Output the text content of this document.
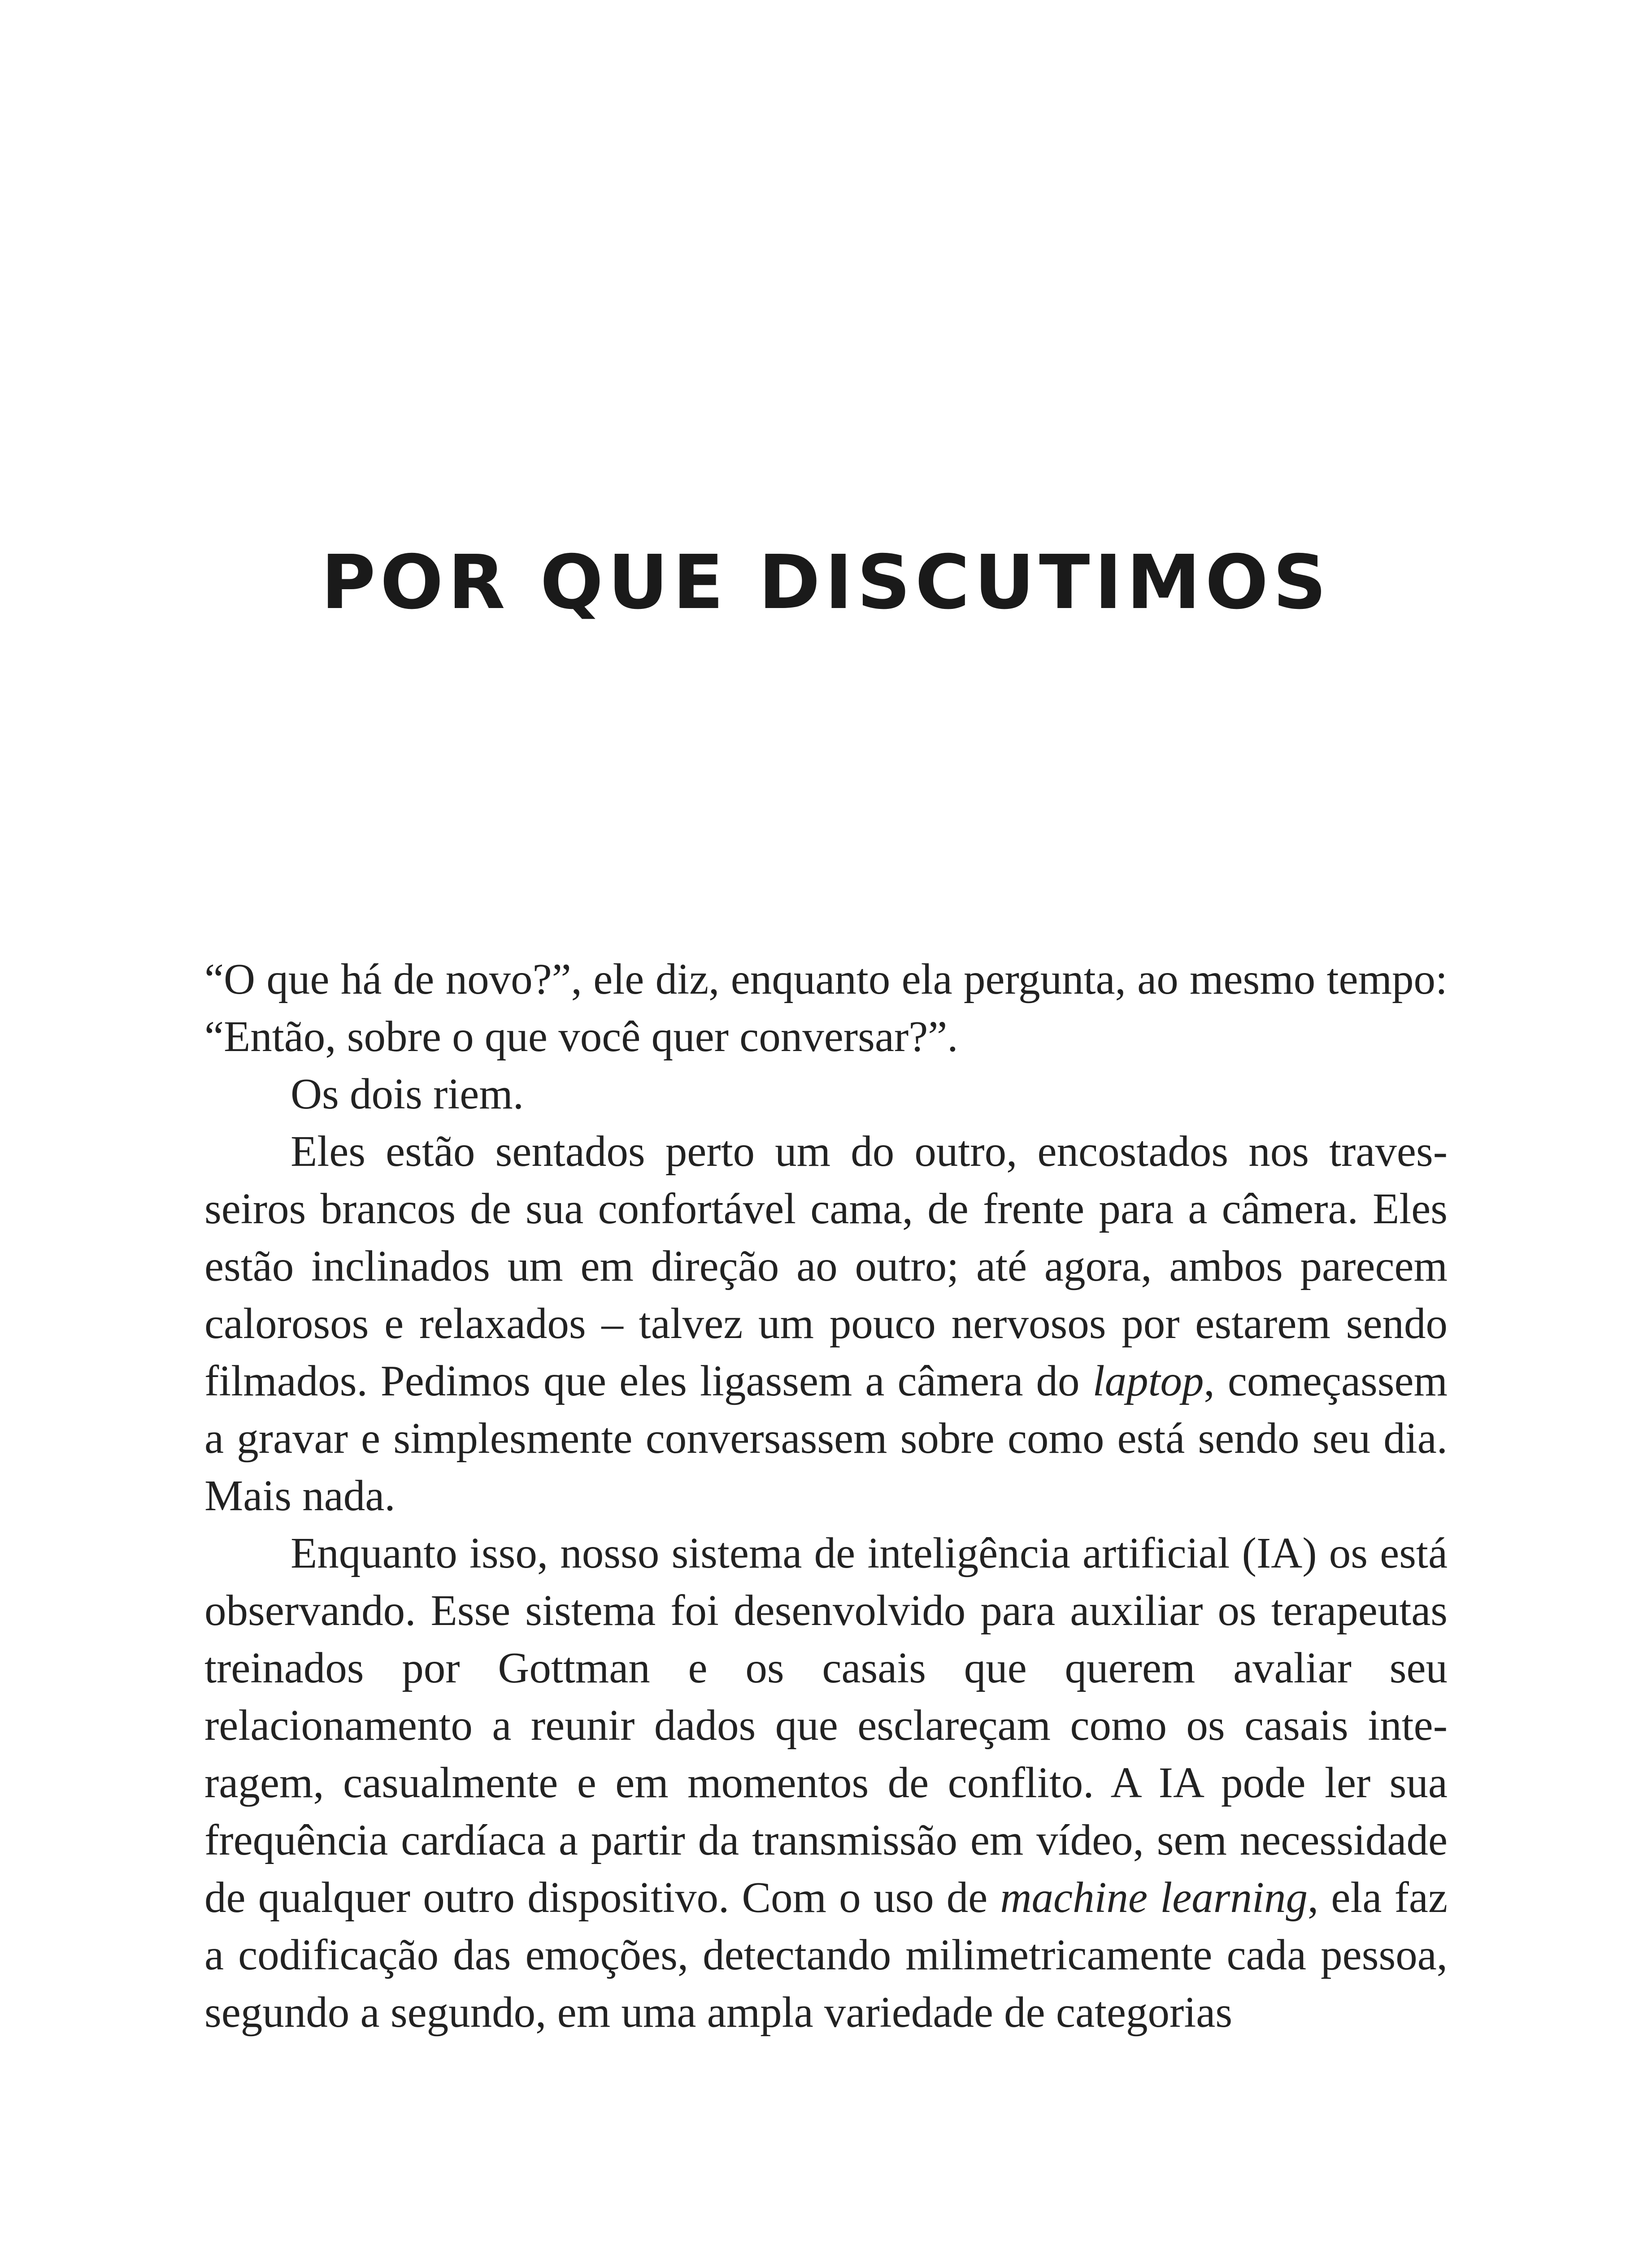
POR QUE DISCUTIMOS

“O que há de novo?”, ele diz, enquanto ela pergunta, ao mesmo tempo: “Então, sobre o que você quer conversar?”.

Os dois riem.

Eles estão sentados perto um do outro, encostados nos travesseiros brancos de sua confortável cama, de frente para a câmera. Eles estão inclinados um em direção ao outro; até agora, ambos parecem calorosos e relaxados – talvez um pouco nervosos por estarem sendo filmados. Pedimos que eles ligassem a câmera do laptop, começassem a gravar e simplesmente conversassem sobre como está sendo seu dia. Mais nada.

Enquanto isso, nosso sistema de inteligência artificial (IA) os está observando. Esse sistema foi desenvolvido para auxiliar os terapeutas treinados por Gottman e os casais que querem avaliar seu relacionamento a reunir dados que esclareçam como os casais interagem, casualmente e em momentos de conflito. A IA pode ler sua frequência cardíaca a partir da transmissão em vídeo, sem necessidade de qualquer outro dispositivo. Com o uso de machine learning, ela faz a codificação das emoções, detectando milimetricamente cada pessoa, segundo a segundo, em uma ampla variedade de categorias
